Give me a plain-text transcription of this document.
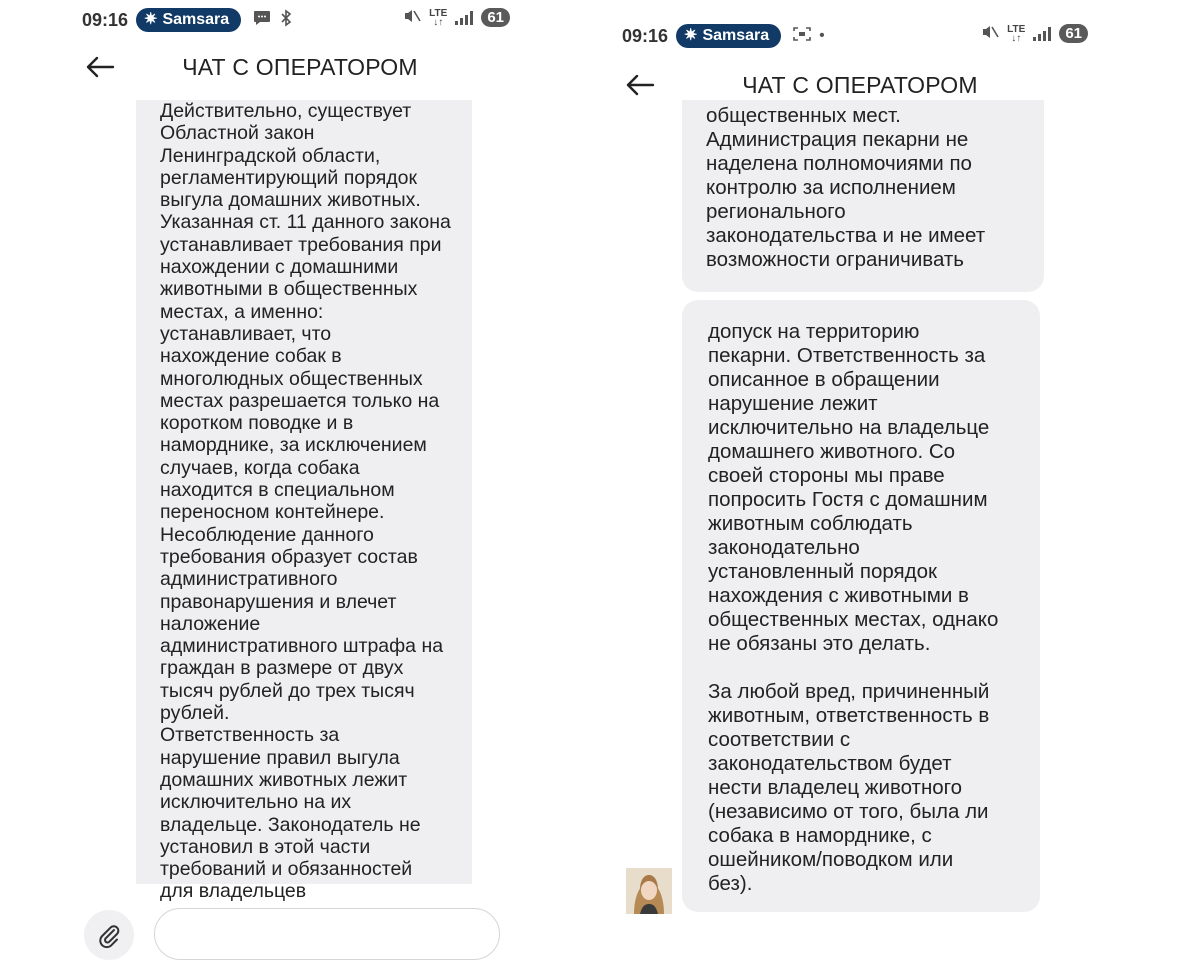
09:16 ✷ Samsara	LTE
↓↑	61
ЧАТ С ОПЕРАТОРОМ

Действительно, существует
Областной закон
Ленинградской области,
регламентирующий порядок
выгула домашних животных.
Указанная ст. 11 данного закона
устанавливает требования при
нахождении с домашними
животными в общественных
местах, а именно:
устанавливает, что
нахождение собак в
многолюдных общественных
местах разрешается только на
коротком поводке и в
наморднике, за исключением
случаев, когда собака
находится в специальном
переносном контейнере.
Несоблюдение данного
требования образует состав
административного
правонарушения и влечет
наложение
административного штрафа на
граждан в размере от двух
тысяч рублей до трех тысяч
рублей.
Ответственность за
нарушение правил выгула
домашних животных лежит
исключительно на их
владельце. Законодатель не
установил в этой части
требований и обязанностей
для владельцев

09:16 ✷ Samsara	•	LTE
↓↑	61
ЧАТ С ОПЕРАТОРОМ

общественных мест.
Администрация пекарни не
наделена полномочиями по
контролю за исполнением
регионального
законодательства и не имеет
возможности ограничивать

допуск на территорию
пекарни. Ответственность за
описанное в обращении
нарушение лежит
исключительно на владельце
домашнего животного. Со
своей стороны мы праве
попросить Гостя с домашним
животным соблюдать
законодательно
установленный порядок
нахождения с животными в
общественных местах, однако
не обязаны это делать.

За любой вред, причиненный
животным, ответственность в
соответствии с
законодательством будет
нести владелец животного
(независимо от того, была ли
собака в наморднике, с
ошейником/поводком или
без).
